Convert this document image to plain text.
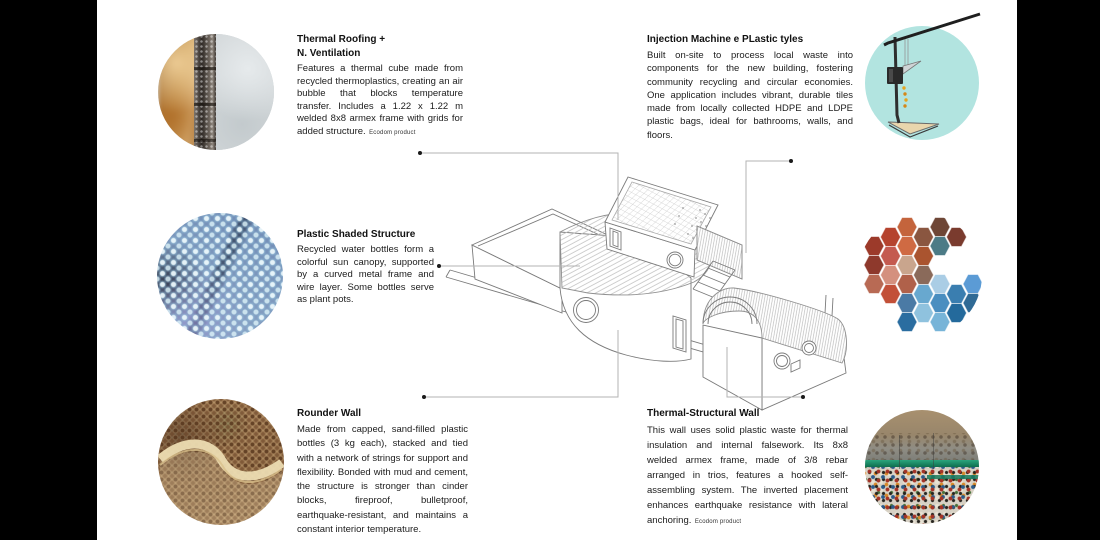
Thermal Roofing +
N. Ventilation
Features a thermal cube made from recycled thermoplastics, creating an air bubble that blocks temperature transfer. Includes a 1.22 x 1.22 m welded 8x8 armex frame with grids for added structure.  Ecodom product
Injection Machine e PLastic tyles
Built on-site to process local waste into components for the new building, fostering community recycling and circular economies. One application includes vibrant, durable tiles made from locally collected HDPE and LDPE plastic bags, ideal for bathrooms, walls, and floors.
Plastic Shaded Structure
Recycled water bottles form a colorful sun canopy, supported by a curved metal frame and wire layer. Some bottles serve as plant pots.
Rounder Wall
Made from capped, sand-filled plastic bottles (3 kg each), stacked and tied with a network of strings for support and flexibility. Bonded with mud and cement, the structure is stronger than cinder blocks, fireproof, bulletproof, earthquake-resistant, and maintains a constant interior temperature.
Thermal-Structural Wall
This wall uses solid plastic waste for thermal insulation and internal falsework. Its 8x8 welded armex frame, made of 3/8 rebar arranged in trios, features a hooked self-assembling system. The inverted placement enhances earthquake resistance with lateral anchoring.  Ecodom product
